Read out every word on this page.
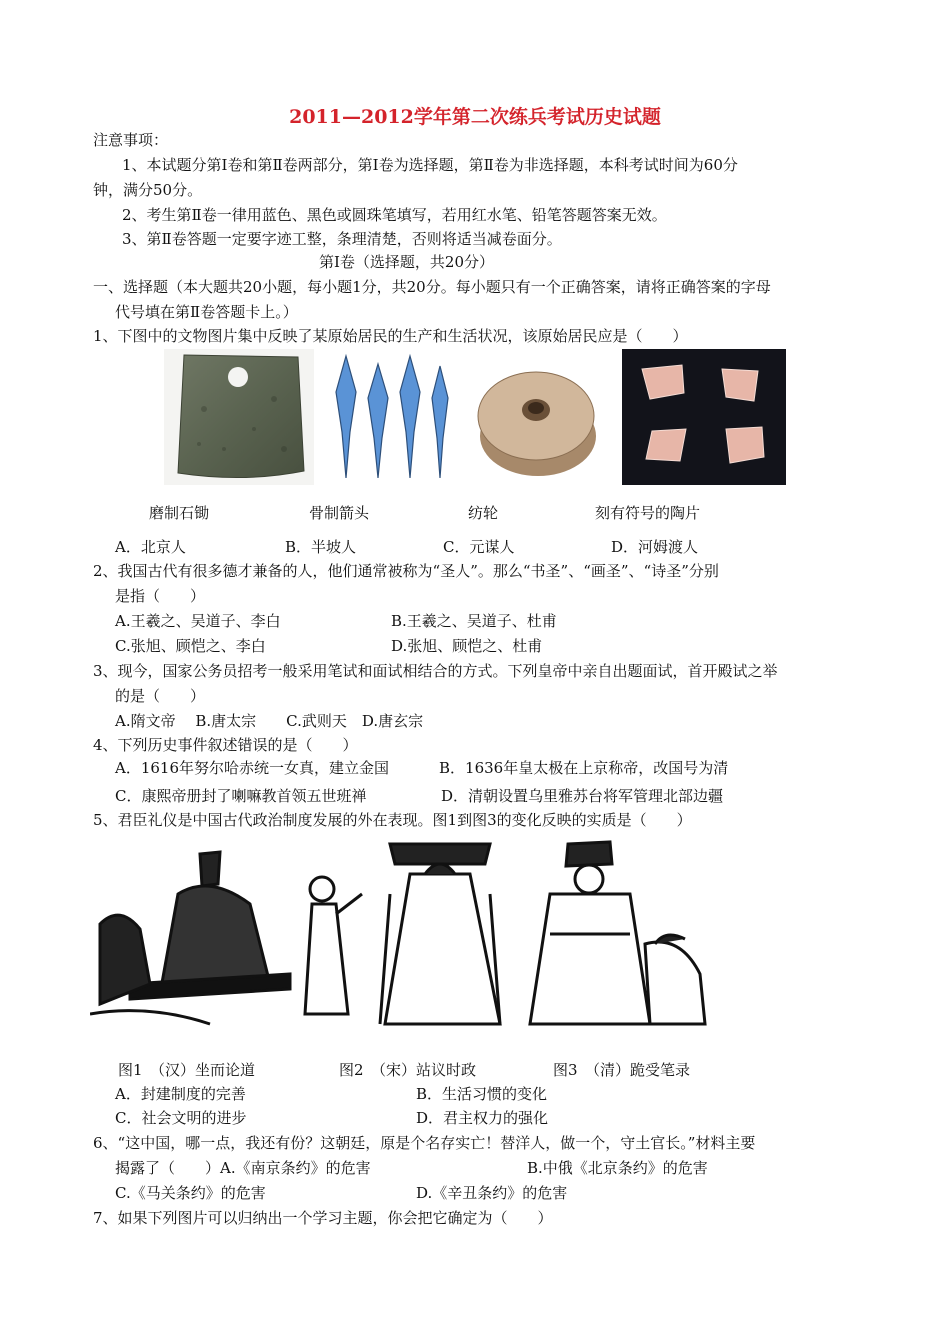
2011—2012学年第二次练兵考试历史试题
注意事项：
1、本试题分第Ⅰ卷和第Ⅱ卷两部分，第Ⅰ卷为选择题，第Ⅱ卷为非选择题，本科考试时间为60分
钟，满分50分。
2、考生第Ⅱ卷一律用蓝色、黑色或圆珠笔填写，若用红水笔、铅笔答题答案无效。
3、第Ⅱ卷答题一定要字迹工整，条理清楚，否则将适当减卷面分。
第Ⅰ卷（选择题，共20分）
一、选择题（本大题共20小题，每小题1分，共20分。每小题只有一个正确答案，请将正确答案的字母
代号填在第Ⅱ卷答题卡上。）
1、下图中的文物图片集中反映了某原始居民的生产和生活状况，该原始居民应是（　　）
磨制石锄	骨制箭头	纺轮	刻有符号的陶片
A．北京人	B．半坡人	C．元谋人	D．河姆渡人
2、我国古代有很多德才兼备的人，他们通常被称为“圣人”。那么“书圣”、“画圣”、“诗圣”分别
是指（　　）
A.王羲之、吴道子、李白	B.王羲之、吴道子、杜甫
C.张旭、顾恺之、李白	D.张旭、顾恺之、杜甫
3、现今，国家公务员招考一般采用笔试和面试相结合的方式。下列皇帝中亲自出题面试，首开殿试之举
的是（　　）
A.隋文帝　 B.唐太宗　　C.武则天　D.唐玄宗
4、下列历史事件叙述错误的是（　　）
A．1616年努尔哈赤统一女真，建立金国	B．1636年皇太极在上京称帝，改国号为清
C．康熙帝册封了喇嘛教首领五世班禅	D．清朝设置乌里雅苏台将军管理北部边疆
5、君臣礼仪是中国古代政治制度发展的外在表现。图1到图3的变化反映的实质是（　　）
图1　（汉）坐而论道	图2　（宋）站议时政	图3　（清）跪受笔录
A．封建制度的完善	B．生活习惯的变化
C．社会文明的进步	D．君主权力的强化
6、“这中国，哪一点，我还有份？这朝廷，原是个名存实亡！替洋人，做一个，守土官长。”材料主要
揭露了（　　）A.《南京条约》的危害	B.中俄《北京条约》的危害
C.《马关条约》的危害	D.《辛丑条约》的危害
7、如果下列图片可以归纳出一个学习主题，你会把它确定为（　　）
